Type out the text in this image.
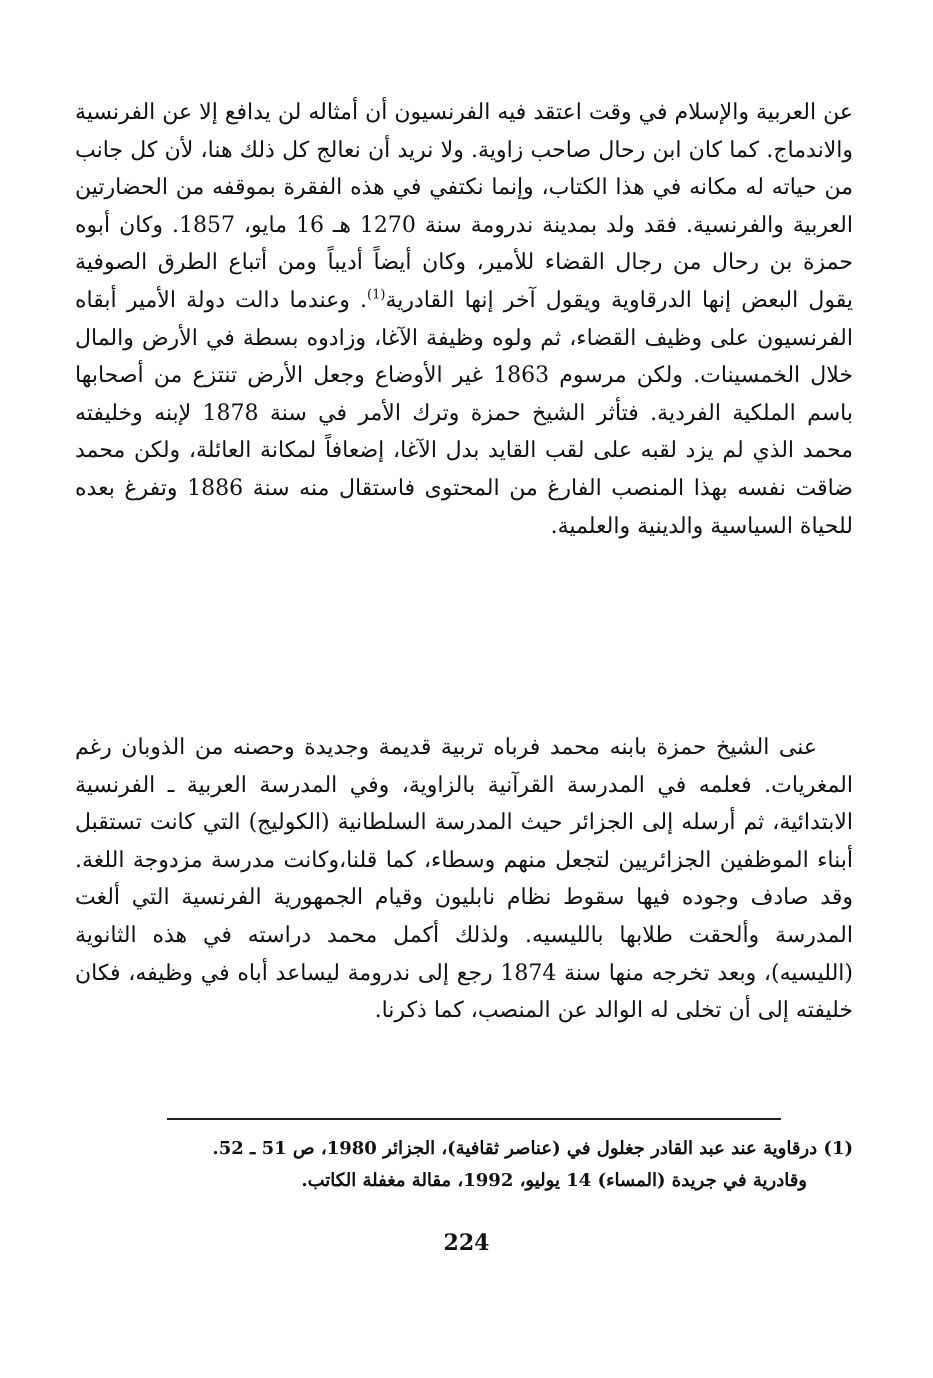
عن العربية والإسلام في وقت اعتقد فيه الفرنسيون أن أمثاله لن يدافع إلا عن الفرنسية والاندماج. كما كان ابن رحال صاحب زاوية. ولا نريد أن نعالج كل ذلك هنا، لأن كل جانب من حياته له مكانه في هذا الكتاب، وإنما نكتفي في هذه الفقرة بموقفه من الحضارتين العربية والفرنسية. فقد ولد بمدينة ندرومة سنة 1270 هـ 16 مايو، 1857. وكان أبوه حمزة بن رحال من رجال القضاء للأمير، وكان أيضاً أديباً ومن أتباع الطرق الصوفية يقول البعض إنها الدرقاوية ويقول آخر إنها القادرية$^{(1)}$. وعندما دالت دولة الأمير أبقاه الفرنسيون على وظيف القضاء، ثم ولوه وظيفة الآغا، وزادوه بسطة في الأرض والمال خلال الخمسينات. ولكن مرسوم 1863 غير الأوضاع وجعل الأرض تنتزع من أصحابها باسم الملكية الفردية. فتأثر الشيخ حمزة وترك الأمر في سنة 1878 لإبنه وخليفته محمد الذي لم يزد لقبه على لقب القايد بدل الآغا، إضعافاً لمكانة العائلة، ولكن محمد ضاقت نفسه بهذا المنصب الفارغ من المحتوى فاستقال منه سنة 1886 وتفرغ بعده للحياة السياسية والدينية والعلمية.

عنى الشيخ حمزة بابنه محمد فرباه تربية قديمة وجديدة وحصنه من الذوبان رغم المغريات. فعلمه في المدرسة القرآنية بالزاوية، وفي المدرسة العربية ـ الفرنسية الابتدائية، ثم أرسله إلى الجزائر حيث المدرسة السلطانية (الكوليج) التي كانت تستقبل أبناء الموظفين الجزائريين لتجعل منهم وسطاء، كما قلنا،وكانت مدرسة مزدوجة اللغة. وقد صادف وجوده فيها سقوط نظام نابليون وقيام الجمهورية الفرنسية التي ألغت المدرسة وألحقت طلابها بالليسيه. ولذلك أكمل محمد دراسته في هذه الثانوية (الليسيه)، وبعد تخرجه منها سنة 1874 رجع إلى ندرومة ليساعد أباه في وظيفه، فكان خليفته إلى أن تخلى له الوالد عن المنصب، كما ذكرنا.

(1) درقاوية عند عبد القادر جغلول في (عناصر ثقافية)، الجزائر 1980، ص 51 ـ 52.

وقادرية في جريدة (المساء) 14 يوليو، 1992، مقالة مغفلة الكاتب.

224
